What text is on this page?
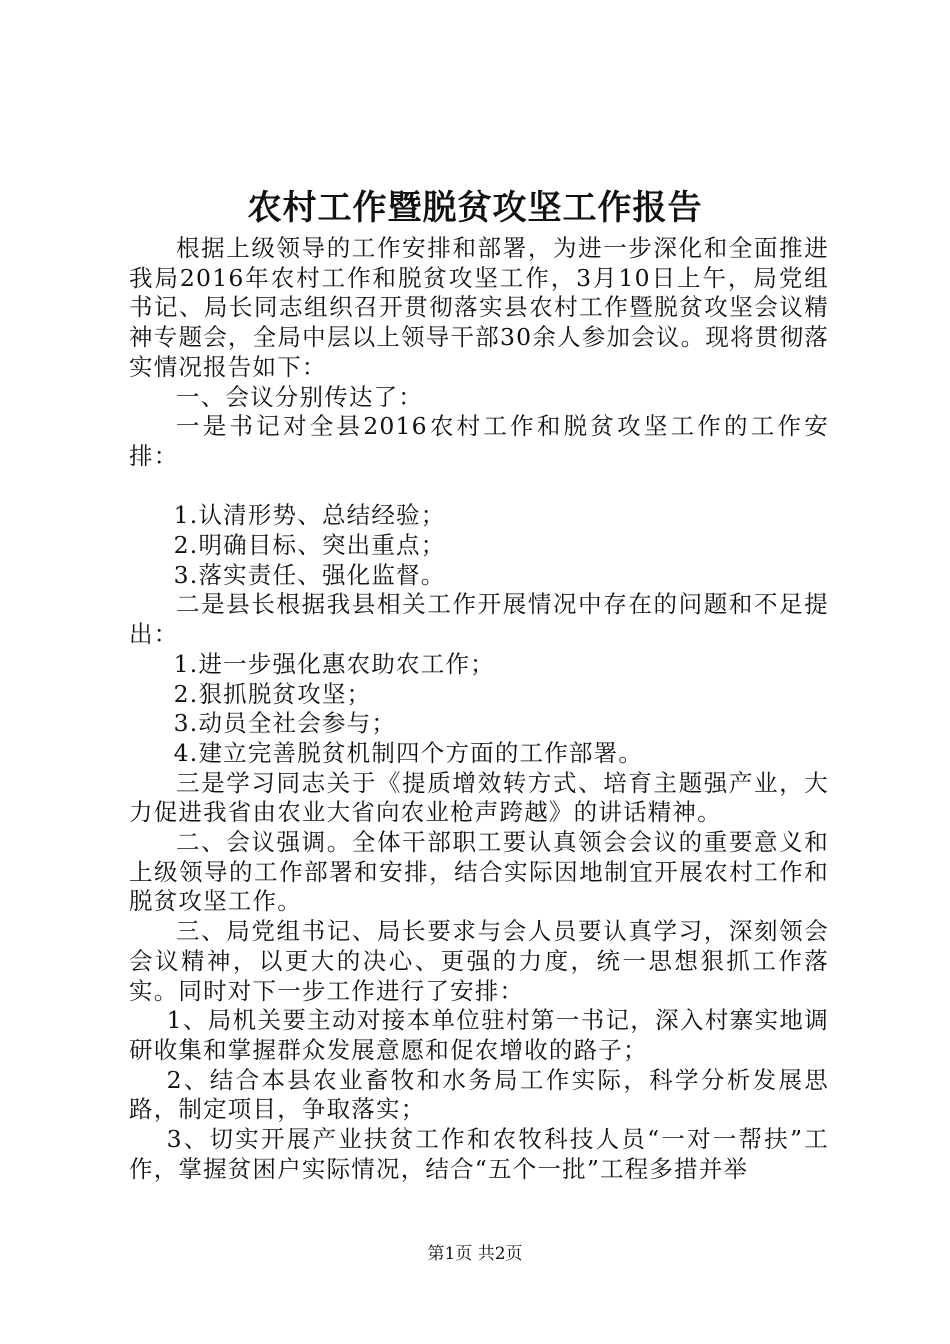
农村工作暨脱贫攻坚工作报告

根据上级领导的工作安排和部署，为进一步深化和全面推进我局2016年农村工作和脱贫攻坚工作，3月10日上午，局党组书记、局长同志组织召开贯彻落实县农村工作暨脱贫攻坚会议精神专题会，全局中层以上领导干部30余人参加会议。现将贯彻落实情况报告如下：

一、会议分别传达了：

一是书记对全县2016农村工作和脱贫攻坚工作的工作安排：

1.认清形势、总结经验；

2.明确目标、突出重点；

3.落实责任、强化监督。

二是县长根据我县相关工作开展情况中存在的问题和不足提出：

1.进一步强化惠农助农工作；

2.狠抓脱贫攻坚；

3.动员全社会参与；

4.建立完善脱贫机制四个方面的工作部署。

三是学习同志关于《提质增效转方式、培育主题强产业，大力促进我省由农业大省向农业枪声跨越》的讲话精神。

二、会议强调。全体干部职工要认真领会会议的重要意义和上级领导的工作部署和安排，结合实际因地制宜开展农村工作和脱贫攻坚工作。

三、局党组书记、局长要求与会人员要认真学习，深刻领会会议精神，以更大的决心、更强的力度，统一思想狠抓工作落实。同时对下一步工作进行了安排：

1、局机关要主动对接本单位驻村第一书记，深入村寨实地调研收集和掌握群众发展意愿和促农增收的路子；

2、结合本县农业畜牧和水务局工作实际，科学分析发展思路，制定项目，争取落实；

3、切实开展产业扶贫工作和农牧科技人员“一对一帮扶”工作，掌握贫困户实际情况，结合“五个一批”工程多措并举

第1页 共2页
